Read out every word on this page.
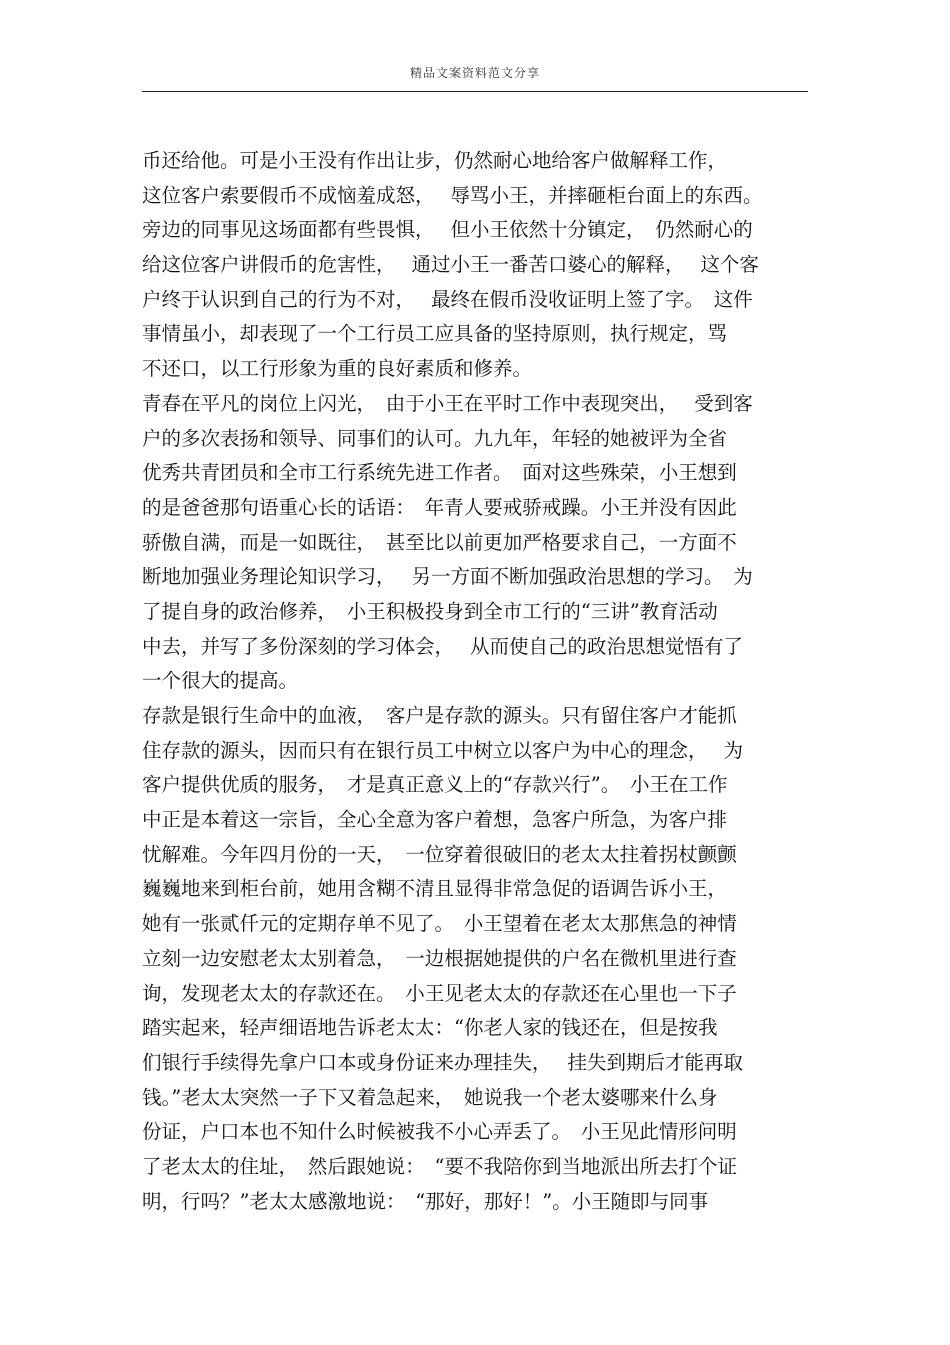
精品文案资料范文分享

币还给他。可是小王没有作出让步，仍然耐心地给客户做解释工作，

这位客户索要假币不成恼羞成怒，　 辱骂小王，并摔砸柜台面上的东西。

旁边的同事见这场面都有些畏惧，　 但小王依然十分镇定，　仍然耐心的

给这位客户讲假币的危害性，　 通过小王一番苦口婆心的解释，　 这个客

户终于认识到自己的行为不对，　 最终在假币没收证明上签了字。　这件

事情虽小，却表现了一个工行员工应具备的坚持原则，执行规定，骂

不还口，以工行形象为重的良好素质和修养。

青春在平凡的岗位上闪光，　由于小王在平时工作中表现突出，　 受到客

户的多次表扬和领导、同事们的认可。九九年，年轻的她被评为全省

优秀共青团员和全市工行系统先进工作者。　面对这些殊荣，小王想到

的是爸爸那句语重心长的话语：　年青人要戒骄戒躁。小王并没有因此

骄傲自满，而是一如既往，　甚至比以前更加严格要求自己，一方面不

断地加强业务理论知识学习，　 另一方面不断加强政治思想的学习。　为

了提自身的政治修养，　小王积极投身到全市工行的“三讲”教育活动

中去，并写了多份深刻的学习体会，　 从而使自己的政治思想觉悟有了

一个很大的提高。

存款是银行生命中的血液，　客户是存款的源头。只有留住客户才能抓

住存款的源头，因而只有在银行员工中树立以客户为中心的理念，　 为

客户提供优质的服务，　才是真正意义上的“存款兴行”。　小王在工作

中正是本着这一宗旨，全心全意为客户着想，急客户所急，为客户排

忧解难。今年四月份的一天，　一位穿着很破旧的老太太拄着拐杖颤颤

巍巍地来到柜台前，她用含糊不清且显得非常急促的语调告诉小王，

她有一张贰仟元的定期存单不见了。　小王望着在老太太那焦急的神情

立刻一边安慰老太太别着急，　一边根据她提供的户名在微机里进行查

询，发现老太太的存款还在。　小王见老太太的存款还在心里也一下子

踏实起来，轻声细语地告诉老太太：“你老人家的钱还在，但是按我

们银行手续得先拿户口本或身份证来办理挂失，　 挂失到期后才能再取

钱。”老太太突然一子下又着急起来，　她说我一个老太婆哪来什么身

份证，户口本也不知什么时候被我不小心弄丢了。　小王见此情形问明

了老太太的住址，　然后跟她说：　“要不我陪你到当地派出所去打个证

明，行吗？”老太太感激地说：　“那好，那好！”。小王随即与同事
